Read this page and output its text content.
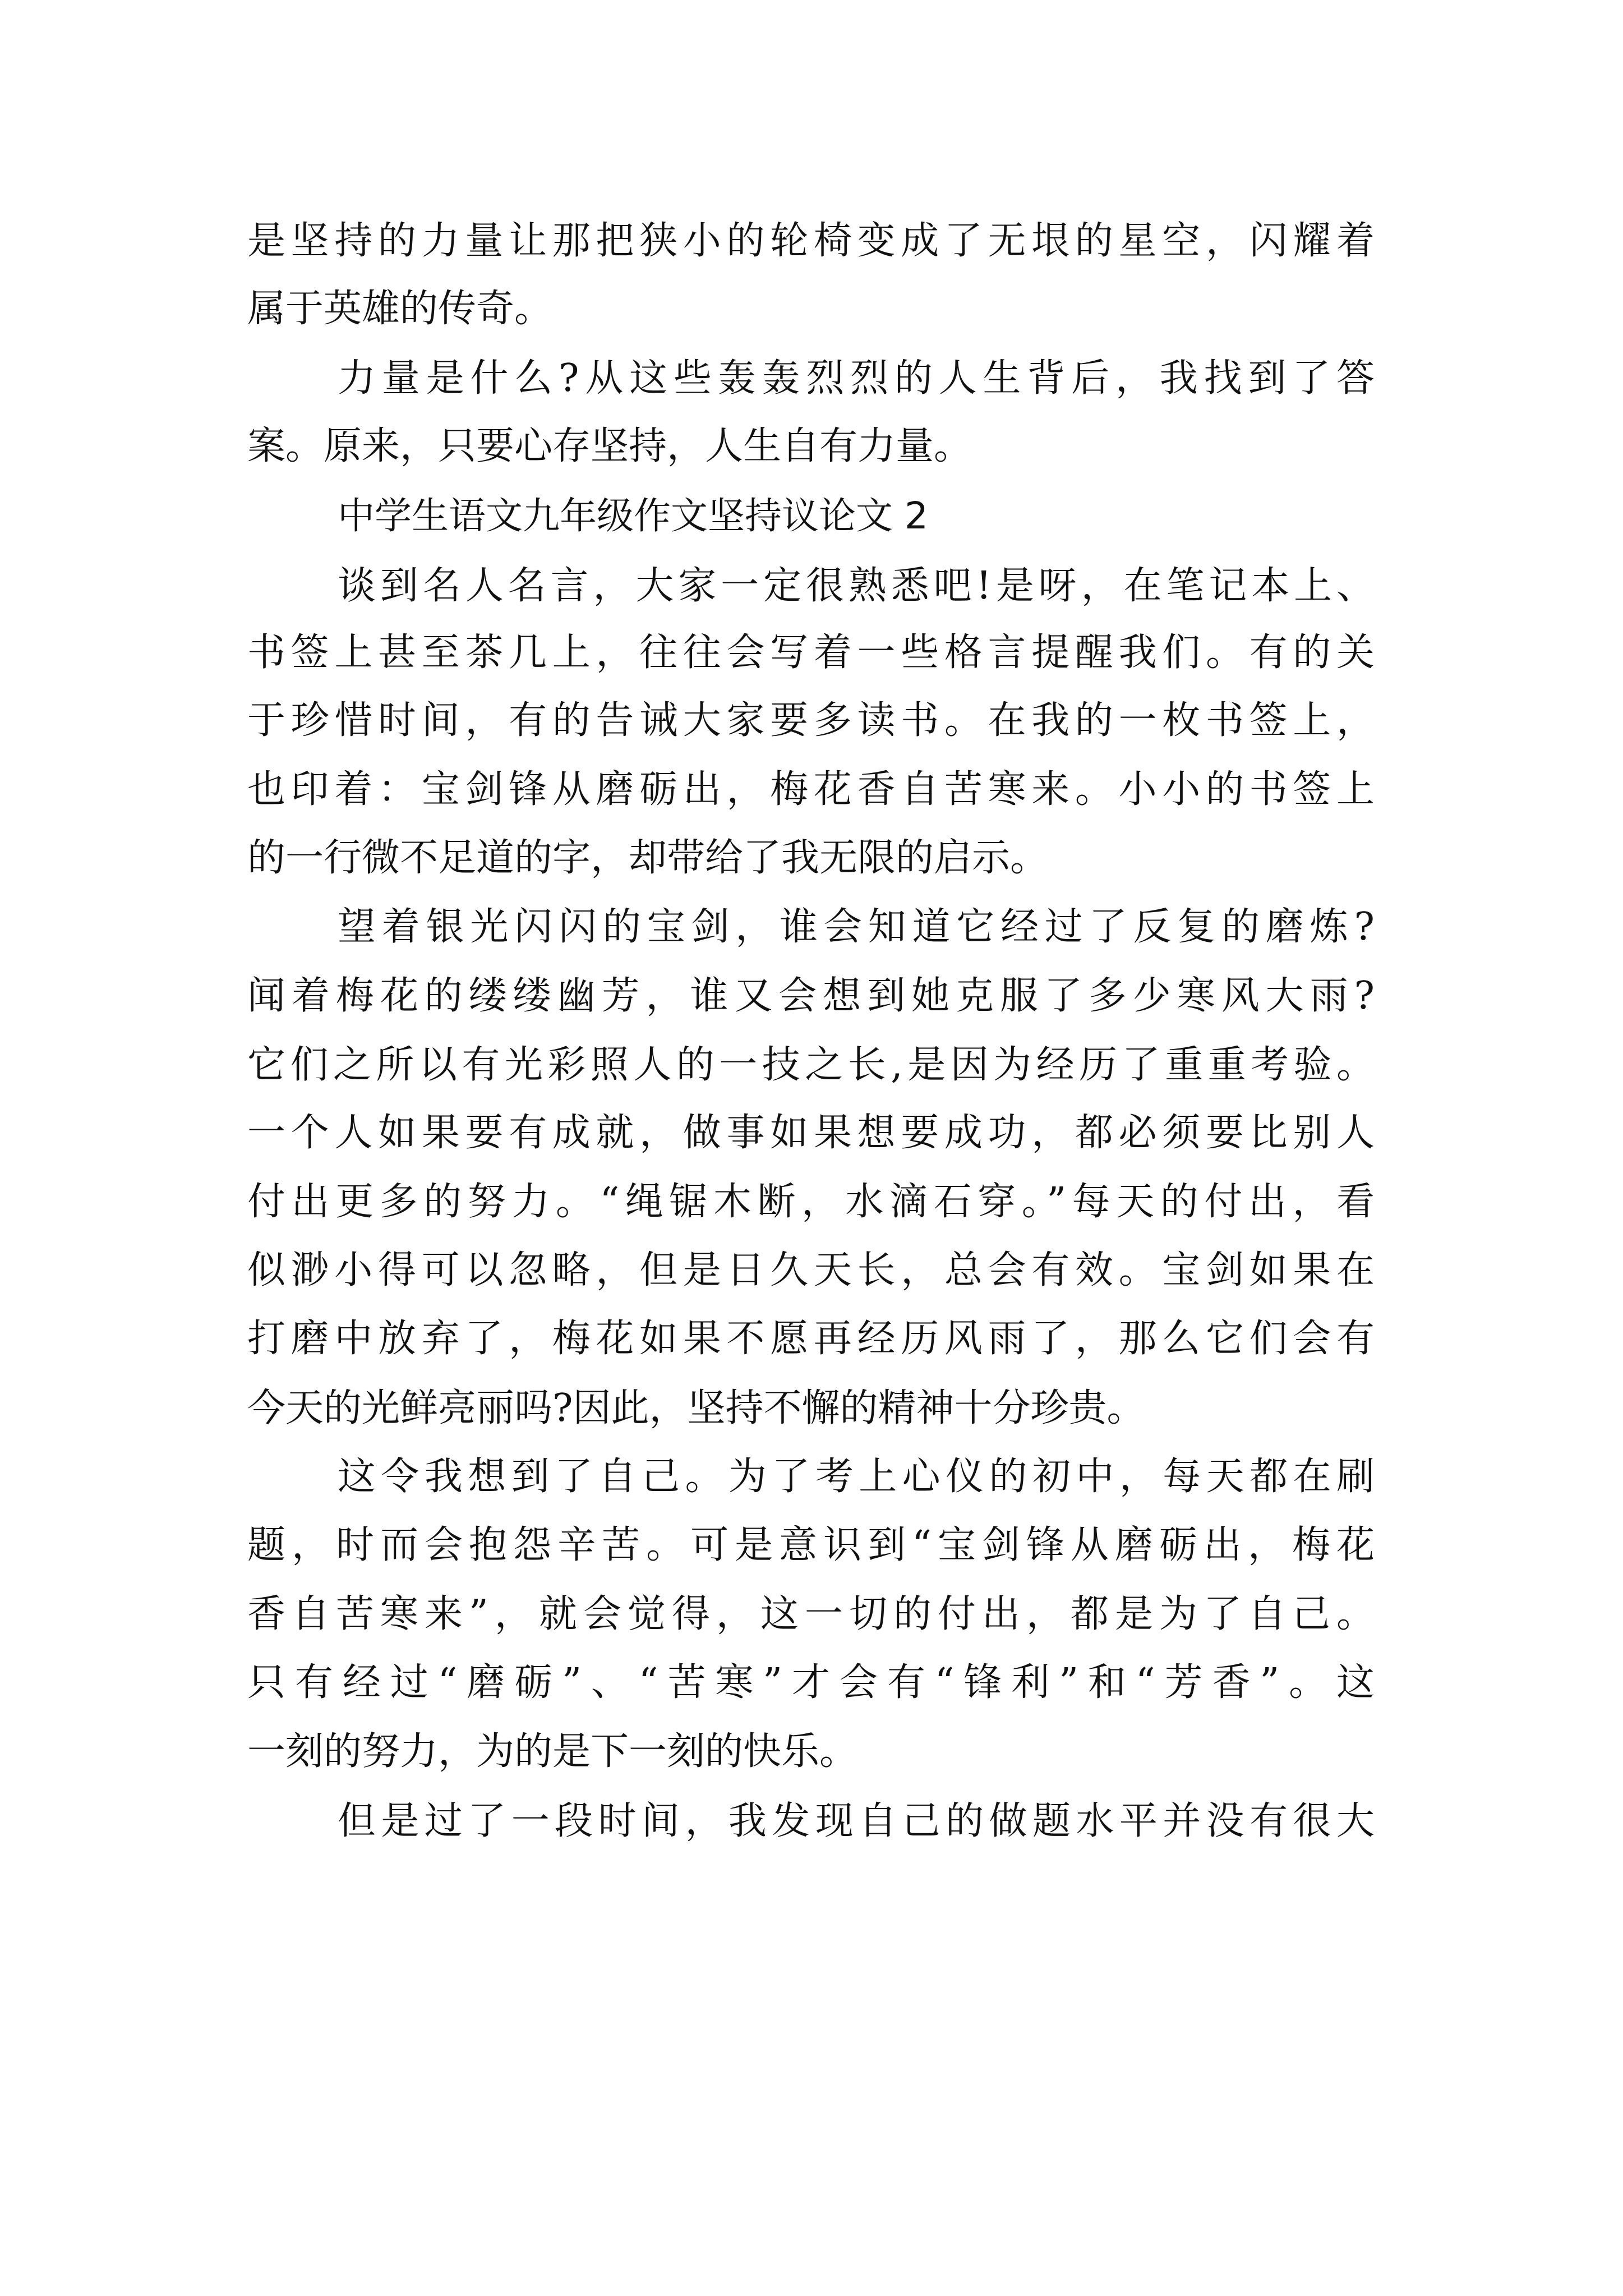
是坚持的力量让那把狭小的轮椅变成了无垠的星空，闪耀着

属于英雄的传奇。

力量是什么?从这些轰轰烈烈的人生背后，我找到了答

案。原来，只要心存坚持，人生自有力量。

中学生语文九年级作文坚持议论文 2

谈到名人名言，大家一定很熟悉吧!是呀，在笔记本上、

书签上甚至茶几上，往往会写着一些格言提醒我们。有的关

于珍惜时间，有的告诫大家要多读书。在我的一枚书签上，

也印着：宝剑锋从磨砺出，梅花香自苦寒来。小小的书签上

的一行微不足道的字，却带给了我无限的启示。

望着银光闪闪的宝剑，谁会知道它经过了反复的磨炼?

闻着梅花的缕缕幽芳，谁又会想到她克服了多少寒风大雨?

它们之所以有光彩照人的一技之长,是因为经历了重重考验。

一个人如果要有成就，做事如果想要成功，都必须要比别人

付出更多的努力。“绳锯木断，水滴石穿。”每天的付出，看

似渺小得可以忽略，但是日久天长，总会有效。宝剑如果在

打磨中放弃了，梅花如果不愿再经历风雨了，那么它们会有

今天的光鲜亮丽吗?因此，坚持不懈的精神十分珍贵。

这令我想到了自己。为了考上心仪的初中，每天都在刷

题，时而会抱怨辛苦。可是意识到“宝剑锋从磨砺出，梅花

香自苦寒来”，就会觉得，这一切的付出，都是为了自己。

只有经过“磨砺”、“苦寒”才会有“锋利”和“芳香”。这

一刻的努力，为的是下一刻的快乐。

但是过了一段时间，我发现自己的做题水平并没有很大
